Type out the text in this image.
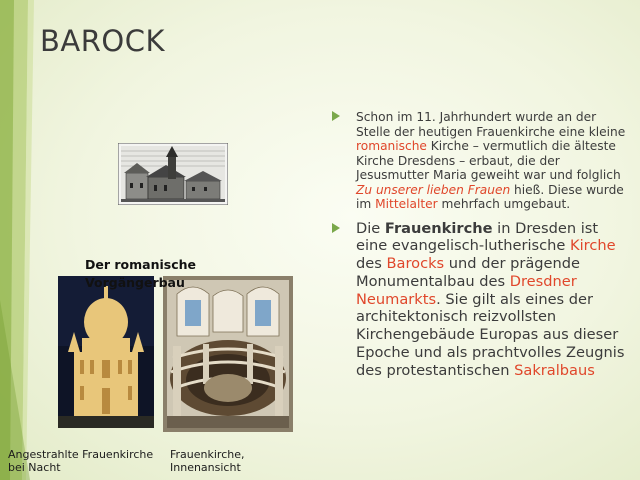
BAROCK
Der romanische Vorgängerbau
Angestrahlte Frauenkirche bei Nacht
Frauenkirche, Innenansicht
Schon im 11. Jahrhundert wurde an der Stelle der heutigen Frauenkirche eine kleine romanische Kirche – vermutlich die älteste Kirche Dresdens – erbaut, die der Jesusmutter Maria geweiht war und folglich Zu unserer lieben Frauen hieß. Diese wurde im Mittelalter mehrfach umgebaut.
Die Frauenkirche in Dresden ist eine evangelisch-lutherische Kirche des Barocks und der prägende Monumentalbau des Dresdner Neumarkts. Sie gilt als eines der architektonisch reizvollsten Kirchengebäude Europas aus dieser Epoche und als prachtvolles Zeugnis des protestantischen Sakralbaus
